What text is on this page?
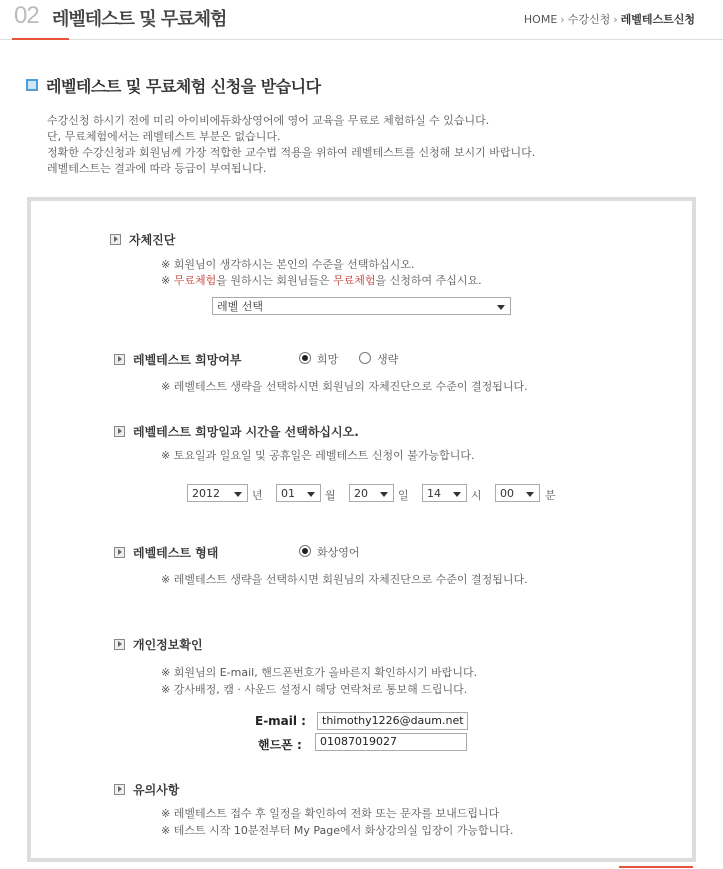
02 레벨테스트 및 무료체험	HOME › 수강신청 › 레벨테스트신청
레벨테스트 및 무료체험 신청을 받습니다
수강신청 하시기 전에 미리 아이비에듀화상영어에 영어 교육을 무료로 체험하실 수 있습니다.
단, 무료체험에서는 레벨테스트 부분은 없습니다.
정확한 수강신청과 회원님께 가장 적합한 교수법 적용을 위하여 레벨테스트를 신청해 보시기 바랍니다.
레벨테스트는 결과에 따라 등급이 부여됩니다.
자체진단
※ 회원님이 생각하시는 본인의 수준을 선택하십시오.
※ 무료체험을 원하시는 회원님들은 무료체험을 신청하여 주십시요.
레벨 선택
레벨테스트 희망여부	희망	생략
※ 레벨테스트 생략을 선택하시면 회원님의 자체진단으로 수준이 결정됩니다.
레벨테스트 희망일과 시간을 선택하십시오.
※ 토요일과 일요일 및 공휴일은 레벨테스트 신청이 불가능합니다.
2012	년	01	월	20	일	14	시	00	분
레벨테스트 형태	화상영어
※ 레벨테스트 생략을 선택하시면 회원님의 자체진단으로 수준이 결정됩니다.
개인정보확인
※ 회원님의 E-mail, 핸드폰번호가 올바른지 확인하시기 바랍니다.
※ 강사배정, 캠 · 사운드 설정시 해당 연락처로 통보해 드립니다.
E-mail :	thimothy1226@daum.net
핸드폰 :	01087019027
유의사항
※ 레벨테스트 접수 후 일정을 확인하여 전화 또는 문자를 보내드립니다
※ 테스트 시작 10분전부터 My Page에서 화상강의실 입장이 가능합니다.
